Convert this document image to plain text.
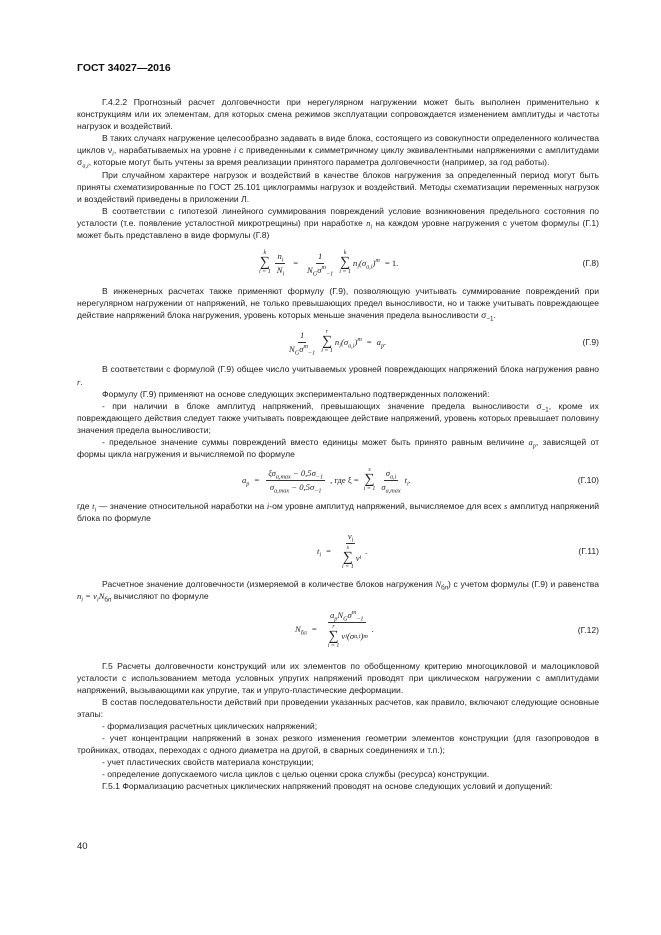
ГОСТ 34027—2016

Г.4.2.2 Прогнозный расчет долговечности при нерегулярном нагружении может быть выполнен применительно к конструкциям или их элементам, для которых смена режимов эксплуатации сопровождается изменением амплитуды и частоты нагрузок и воздействий.

В таких случаях нагружение целесообразно задавать в виде блока, состоящего из совокупности определенного количества циклов $\nu_i$, нарабатываемых на уровне i с приведенными к симметричному циклу эквивалентными напряжениями с амплитудами $\sigma_{a,i}$, которые могут быть учтены за время реализации принятого параметра долговечности (например, за год работы).

При случайном характере нагрузок и воздействий в качестве блоков нагружения за определенный период могут быть приняты схематизированные по ГОСТ 25.101 циклограммы нагрузок и воздействий. Методы схематизации переменных нагрузок и воздействий приведены в приложении Л.

В соответствии с гипотезой линейного суммирования повреждений условие возникновения предельного состояния по усталости (т.е. появление усталостной микротрещины) при наработке $n_i$ на каждом уровне нагружения с учетом формулы (Г.1) может быть представлено в виде формулы (Г.8)

k
∑
$i = 1 \frac{n_i}{N_i} = \frac{1}{N_G\sigma^m_{-1}}$ k
∑
i = 1
$n_i(\sigma_{a,i})^m = 1$.	(Г.8)

В инженерных расчетах также применяют формулу (Г.9), позволяющую учитывать суммирование повреждений при нерегулярном нагружении от напряжений, не только превышающих предел выносливости, но и также учитывать повреждающее действие напряжений блока нагружения, уровень которых меньше значения предела выносливости $\sigma_{-1}$.

$\frac{1}{N_G\sigma^m_{-1}}$ r
∑
i = 1
$n_i(\sigma_{a,i})^m = a_p$.	(Г.9)

В соответствии с формулой (Г.9) общее число учитываемых уровней повреждающих напряжений блока нагружения равно r.

Формулу (Г.9) применяют на основе следующих экспериментально подтвержденных положений:

- при наличии в блоке амплитуд напряжений, превышающих значение предела выносливости $\sigma_{-1}$, кроме их повреждающего действия следует также учитывать повреждающее действие напряжений, уровень которых превышает половину значения предела выносливости;

- предельное значение суммы повреждений вместо единицы может быть принято равным величине $a_p$, зависящей от формы цикла нагружения и вычисляемой по формуле

$a_p = \frac{\xi\sigma_{a,max} - 0,5\sigma_{-1}}{\sigma_{a,max} - 0,5\sigma_{-1}}$ , где ξ =
s
∑
$i = 1 \frac{\sigma_{a,i}}{\sigma_{a,max}} t_i$.	(Г.10)

где $t_i$ — значение относительной наработки на i-ом уровне амплитуд напряжений, вычисляемое для всех s амплитуд напряжений блока по формуле

$t_i = \nu_i$
s
∑
i = 1
ν i .	(Г.11)

Расчетное значение долговечности (измеряемой в количестве блоков нагружения $N_{бл}$) с учетом формулы (Г.9) и равенства $n_i = \nu_iN_{бл}$ вычисляют по формуле

$N_{бл} = a_pN_G\sigma^m_{-1}$
r
∑
i = 1
ν i (σ a,i ) m .	(Г.12)

Г.5 Расчеты долговечности конструкций или их элементов по обобщенному критерию многоцикловой и малоцикловой усталости с использованием метода условных упругих напряжений проводят при циклическом нагружении с амплитудами напряжений, вызывающими как упругие, так и упруго-пластические деформации.

В состав последовательности действий при проведении указанных расчетов, как правило, включают следующие основные этапы:

- формализация расчетных циклических напряжений;

- учет концентрации напряжений в зонах резкого изменения геометрии элементов конструкции (для газопроводов в тройниках, отводах, переходах с одного диаметра на другой, в сварных соединениях и т.п.);

- учет пластических свойств материала конструкции;

- определение допускаемого числа циклов с целью оценки срока службы (ресурса) конструкции.

Г.5.1 Формализацию расчетных циклических напряжений проводят на основе следующих условий и допущений:

40
